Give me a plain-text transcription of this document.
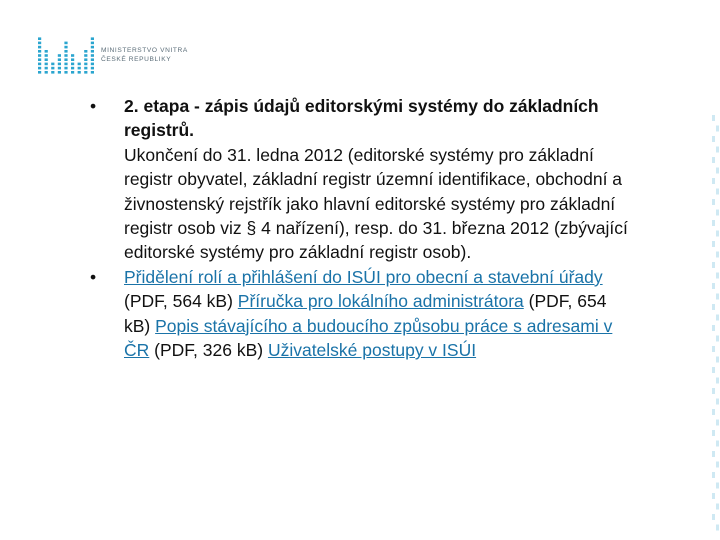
MINISTERSTVO VNITRA
ČESKÉ REPUBLIKY
•	2. etapa - zápis údajů editorskými systémy do základních registrů.
Ukončení do 31. ledna 2012 (editorské systémy pro základní registr obyvatel, základní registr územní identifikace, obchodní a živnostenský rejstřík jako hlavní editorské systémy pro základní registr osob viz § 4 nařízení), resp. do 31. března 2012 (zbývající editorské systémy pro základní registr osob).
•	Přidělení rolí a přihlášení do ISÚI pro obecní a stavební úřady (PDF, 564 kB) Příručka pro lokálního administrátora (PDF, 654 kB) Popis stávajícího a budoucího způsobu práce s adresami v ČR (PDF, 326 kB) Uživatelské postupy v ISÚI
